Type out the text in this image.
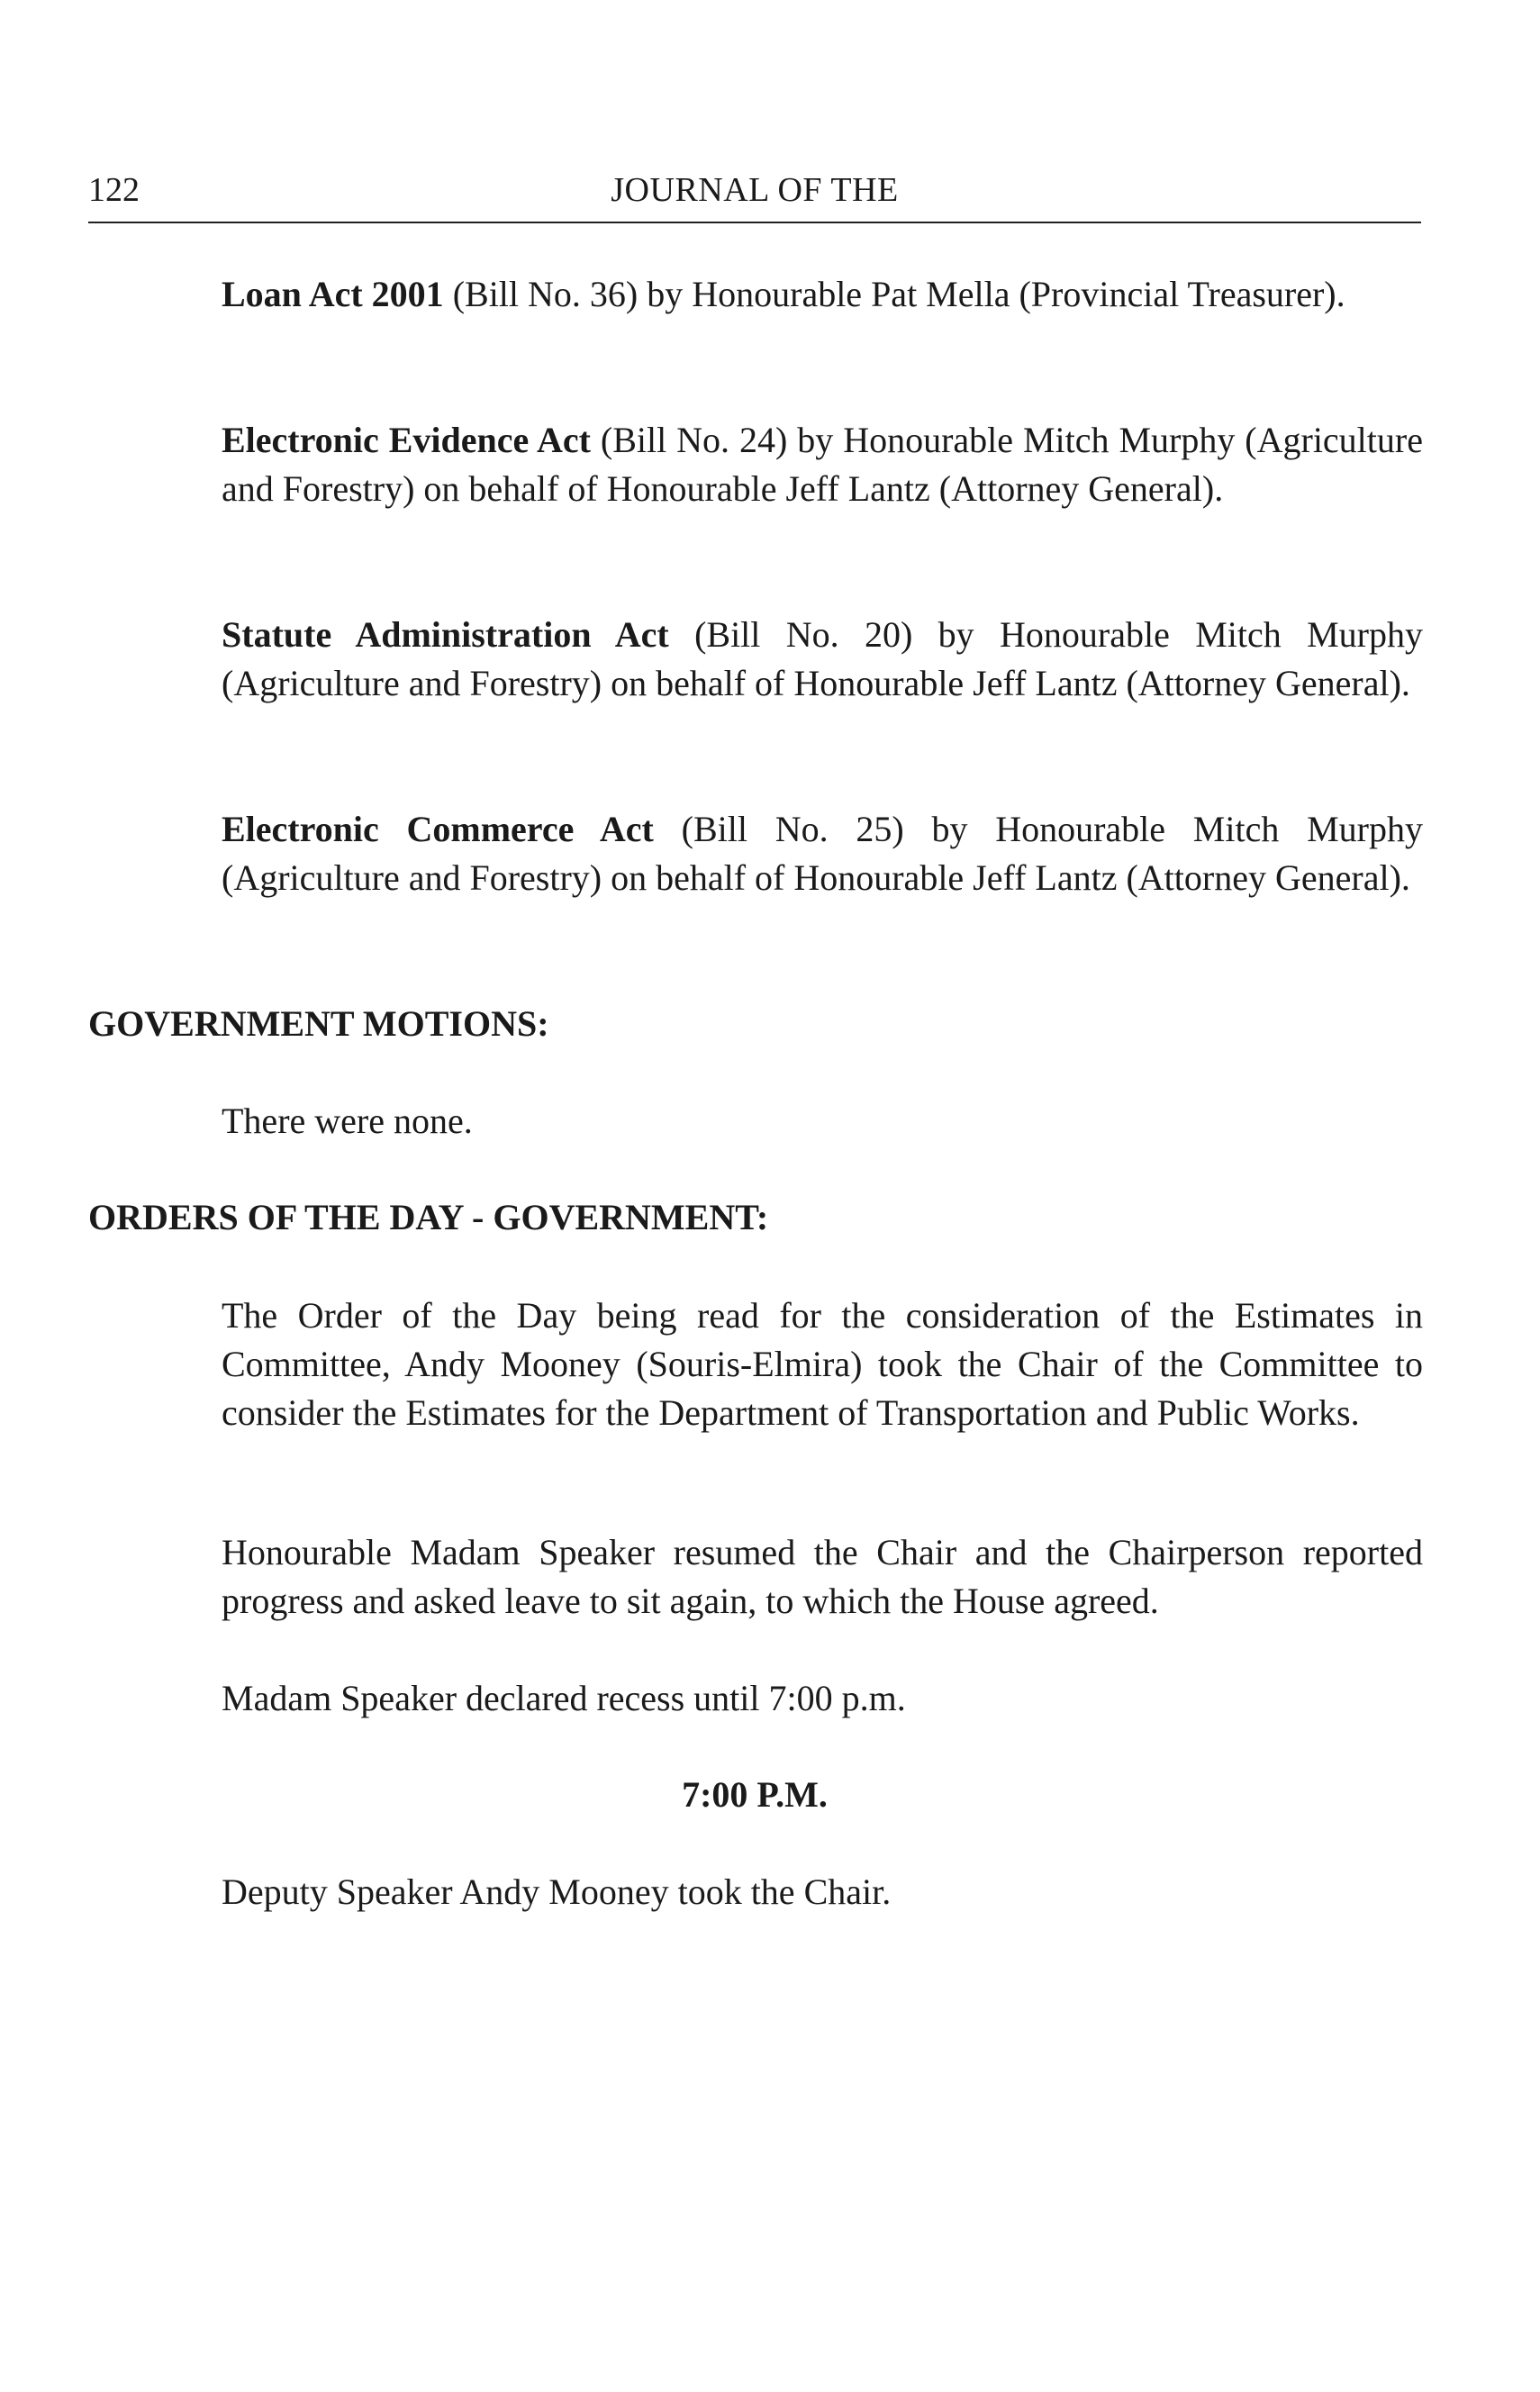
122	JOURNAL OF THE

Loan Act 2001 (Bill No. 36) by Honourable Pat Mella (Provincial Treasurer).

Electronic Evidence Act (Bill No. 24) by Honourable Mitch Murphy (Agriculture and Forestry) on behalf of Honourable Jeff Lantz (Attorney General).

Statute Administration Act (Bill No. 20) by Honourable Mitch Murphy (Agriculture and Forestry) on behalf of Honourable Jeff Lantz (Attorney General).

Electronic Commerce Act (Bill No. 25) by Honourable Mitch Murphy (Agriculture and Forestry) on behalf of Honourable Jeff Lantz (Attorney General).

GOVERNMENT MOTIONS:

There were none.

ORDERS OF THE DAY - GOVERNMENT:

The Order of the Day being read for the consideration of the Estimates in Committee, Andy Mooney (Souris-Elmira) took the Chair of the Committee to consider the Estimates for the Department of Transportation and Public Works.

Honourable Madam Speaker resumed the Chair and the Chairperson reported progress and asked leave to sit again, to which the House agreed.

Madam Speaker declared recess until 7:00 p.m.

7:00 P.M.

Deputy Speaker Andy Mooney took the Chair.
